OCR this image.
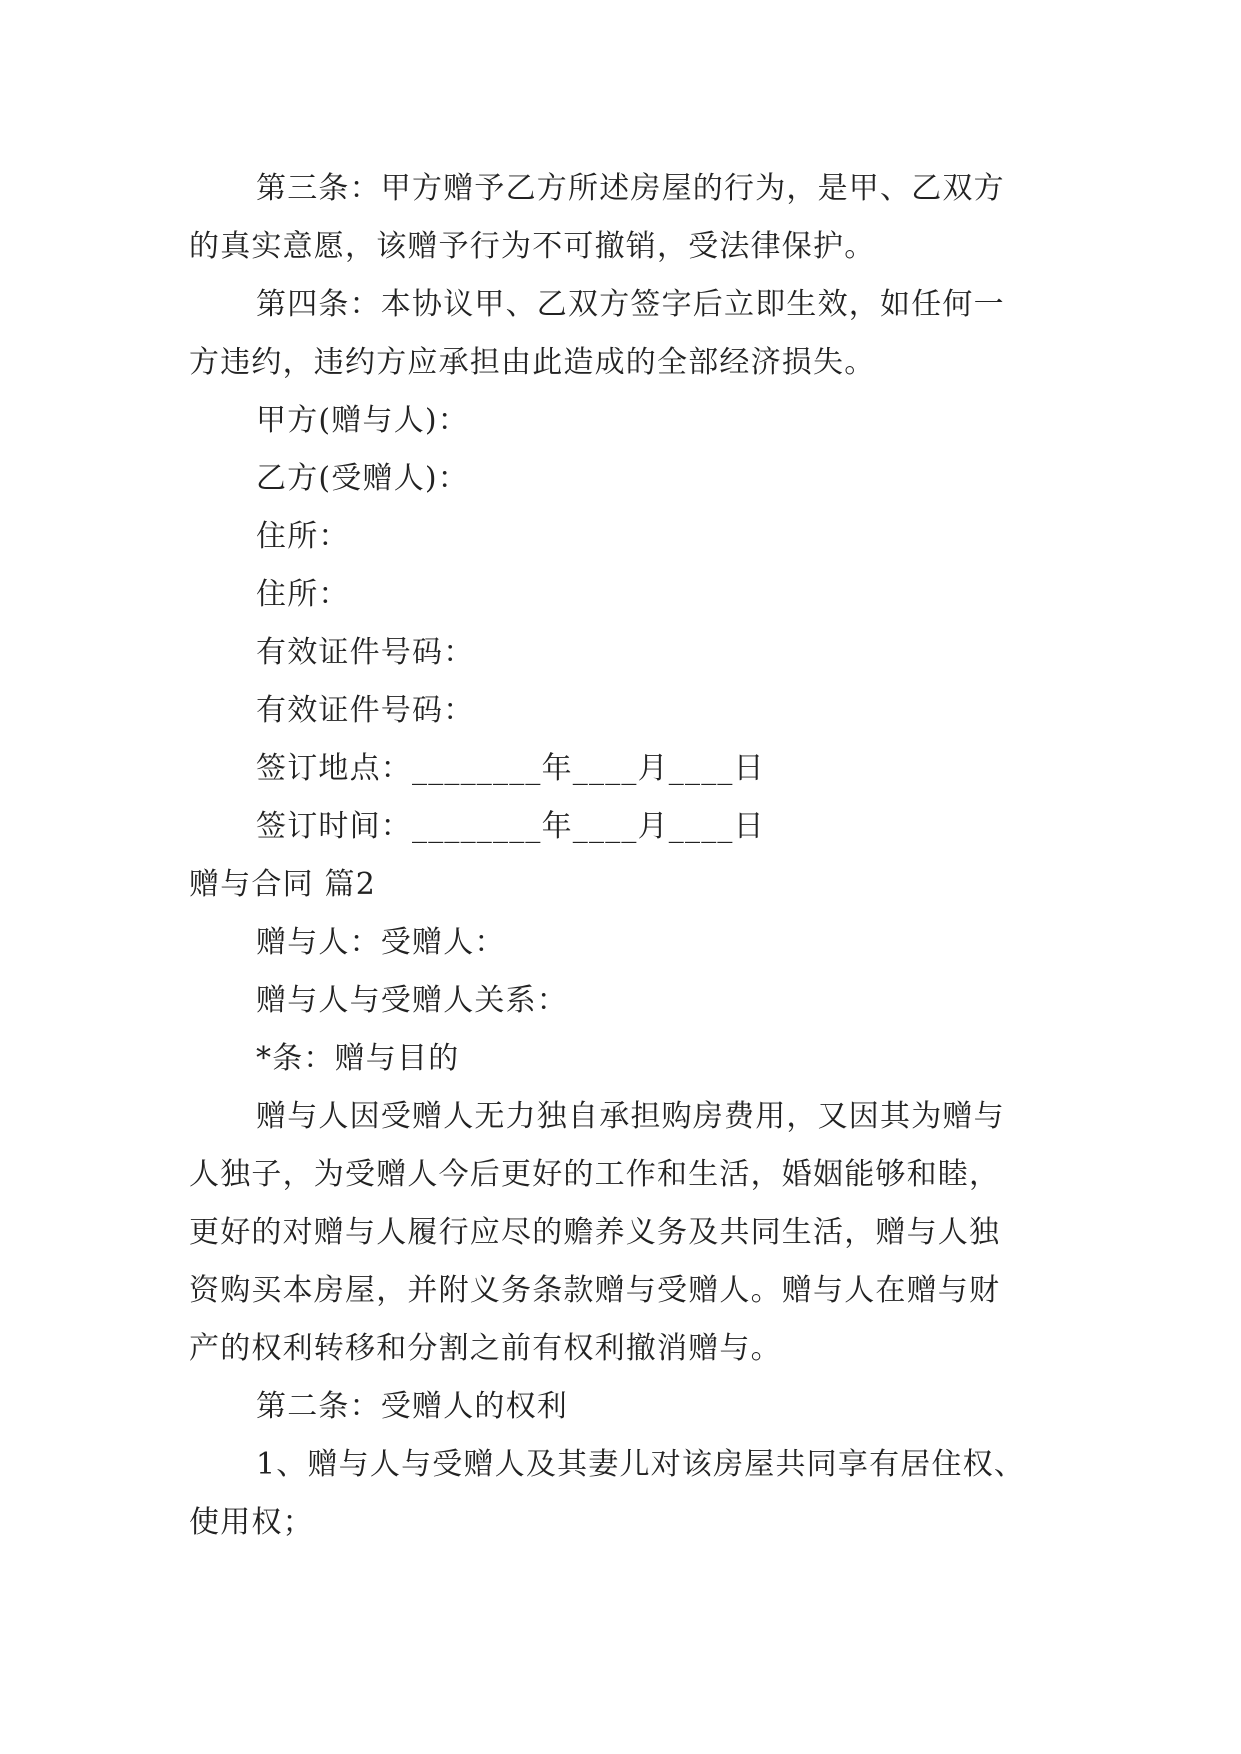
第三条：甲方赠予乙方所述房屋的行为，是甲、乙双方
的真实意愿，该赠予行为不可撤销，受法律保护。
第四条：本协议甲、乙双方签字后立即生效，如任何一
方违约，违约方应承担由此造成的全部经济损失。
甲方(赠与人)：
乙方(受赠人)：
住所：
住所：
有效证件号码：
有效证件号码：
签订地点：________年____月____日
签订时间：________年____月____日
赠与合同 篇2
赠与人：受赠人：
赠与人与受赠人关系：
*条：赠与目的
赠与人因受赠人无力独自承担购房费用，又因其为赠与
人独子，为受赠人今后更好的工作和生活，婚姻能够和睦，
更好的对赠与人履行应尽的赡养义务及共同生活，赠与人独
资购买本房屋，并附义务条款赠与受赠人。赠与人在赠与财
产的权利转移和分割之前有权利撤消赠与。
第二条：受赠人的权利
1、赠与人与受赠人及其妻儿对该房屋共同享有居住权、
使用权；
